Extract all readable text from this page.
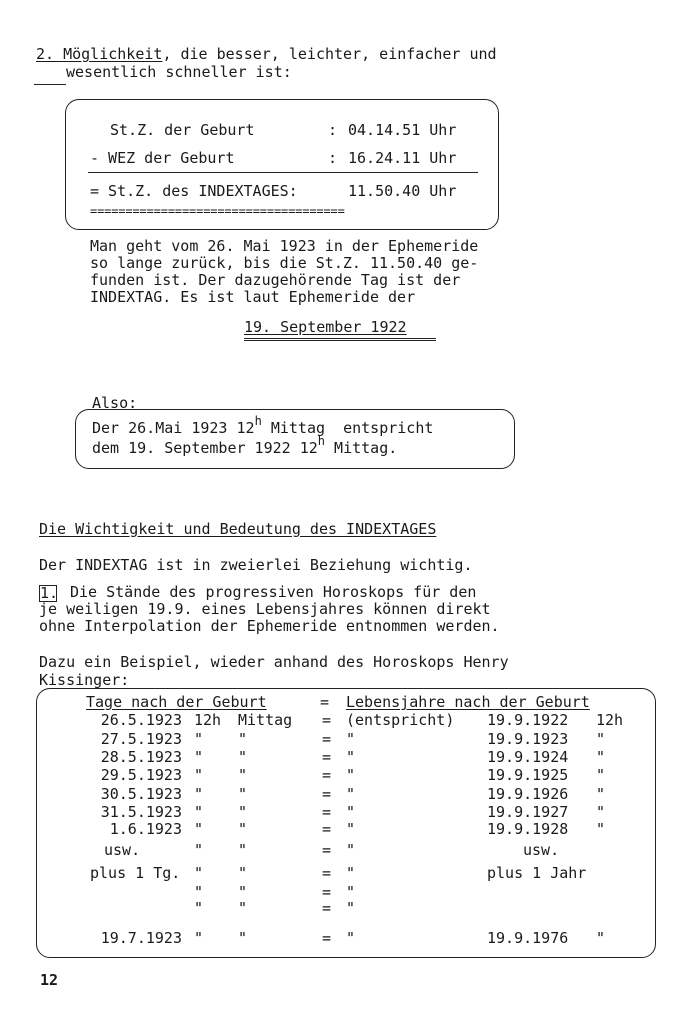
2. Möglichkeit, die besser, leichter, einfacher und
wesentlich schneller ist:
St.Z. der Geburt	: 04.14.51 Uhr
- WEZ der Geburt	: 16.24.11 Uhr
= St.Z. des INDEXTAGES:	11.50.40 Uhr
====================================
Man geht vom 26. Mai 1923 in der Ephemeride
so lange zurück, bis die St.Z. 11.50.40 ge-
funden ist. Der dazugehörende Tag ist der
INDEXTAG. Es ist laut Ephemeride der
19. September 1922
Also:
Der 26.Mai 1923 12$^h$ Mittag  entspricht
dem 19. September 1922 12$^h$ Mittag.
Die Wichtigkeit und Bedeutung des INDEXTAGES
Der INDEXTAG ist in zweierlei Beziehung wichtig.
1. Die Stände des progressiven Horoskops für den
je weiligen 19.9. eines Lebensjahres können direkt
ohne Interpolation der Ephemeride entnommen werden.
Dazu ein Beispiel, wieder anhand des Horoskops Henry
Kissinger:
Tage nach der Geburt	= Lebensjahre nach der Geburt
26.5.1923 12h Mittag = (entspricht) 19.9.1922 12h
27.5.1923 " "	= "	19.9.1923 "
28.5.1923 " "	= "	19.9.1924 "
29.5.1923 " "	= "	19.9.1925 "
30.5.1923 " "	= "	19.9.1926 "
31.5.1923 " "	= "	19.9.1927 "
1.6.1923 " "	= "	19.9.1928 "
usw.	" "	= "	usw.
plus 1 Tg. " "	= "	plus 1 Jahr
" "	= "
" "	= "
19.7.1923 " "	= "	19.9.1976 "
12
